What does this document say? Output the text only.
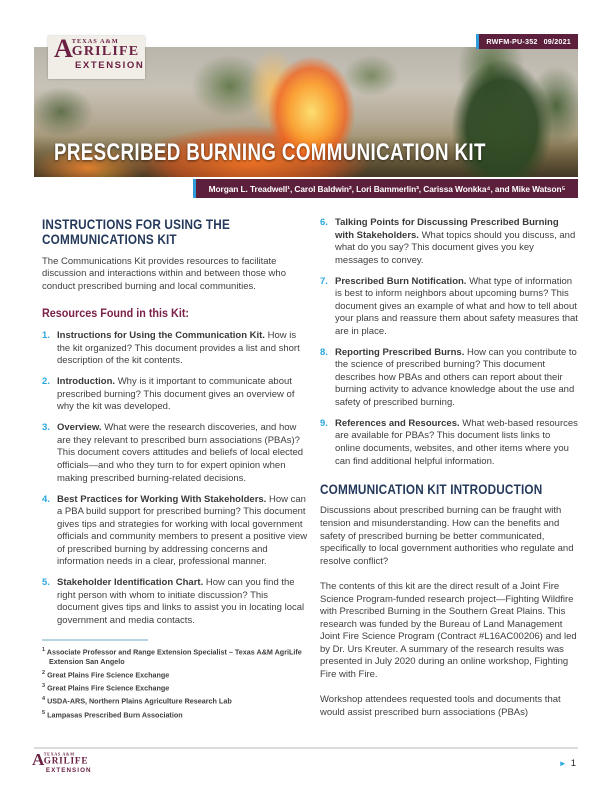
A TEXAS A&M
GRILIFE
EXTENSION
RWFM-PU-352 09/2021
PRESCRIBED BURNING COMMUNICATION KIT
Morgan L. Treadwell¹, Carol Baldwin², Lori Bammerlin³, Carissa Wonkka⁴, and Mike Watson⁵
INSTRUCTIONS FOR USING THE COMMUNICATIONS KIT

The Communications Kit provides resources to facilitate discussion and interactions within and between those who conduct prescribed burning and local communities.

Resources Found in this Kit:
1. Instructions for Using the Communication Kit. How is the kit organized? This document provides a list and short description of the kit contents.
2. Introduction. Why is it important to communicate about prescribed burning? This document gives an overview of why the kit was developed.
3. Overview. What were the research discoveries, and how are they relevant to prescribed burn associations (PBAs)? This document covers attitudes and beliefs of local elected officials—and who they turn to for expert opinion when making prescribed burning-related decisions.
4. Best Practices for Working With Stakeholders. How can a PBA build support for prescribed burning? This document gives tips and strategies for working with local government officials and community members to present a positive view of prescribed burning by addressing concerns and information needs in a clear, professional manner.
5. Stakeholder Identification Chart. How can you find the right person with whom to initiate discussion? This document gives tips and links to assist you in locating local government and media contacts.
$^1$ Associate Professor and Range Extension Specialist – Texas A&M AgriLife Extension San Angelo
$^2$ Great Plains Fire Science Exchange
$^3$ Great Plains Fire Science Exchange
$^4$ USDA-ARS, Northern Plains Agriculture Research Lab
$^5$ Lampasas Prescribed Burn Association
6. Talking Points for Discussing Prescribed Burning with Stakeholders. What topics should you discuss, and what do you say? This document gives you key messages to convey.
7. Prescribed Burn Notification. What type of information is best to inform neighbors about upcoming burns? This document gives an example of what and how to tell about your plans and reassure them about safety measures that are in place.
8. Reporting Prescribed Burns. How can you contribute to the science of prescribed burning? This document describes how PBAs and others can report about their burning activity to advance knowledge about the use and safety of prescribed burning.
9. References and Resources. What web-based resources are available for PBAs? This document lists links to online documents, websites, and other items where you can find additional helpful information.
COMMUNICATION KIT INTRODUCTION

Discussions about prescribed burning can be fraught with tension and misunderstanding. How can the benefits and safety of prescribed burning be better communicated, specifically to local government authorities who regulate and resolve conflict?

The contents of this kit are the direct result of a Joint Fire Science Program-funded research project—Fighting Wildfire with Prescribed Burning in the Southern Great Plains. This research was funded by the Bureau of Land Management Joint Fire Science Program (Contract #L16AC00206) and led by Dr. Urs Kreuter. A summary of the research results was presented in July 2020 during an online workshop, Fighting Fire with Fire.

Workshop attendees requested tools and documents that would assist prescribed burn associations (PBAs)

A TEXAS A&M
GRILIFE
EXTENSION
► 1
